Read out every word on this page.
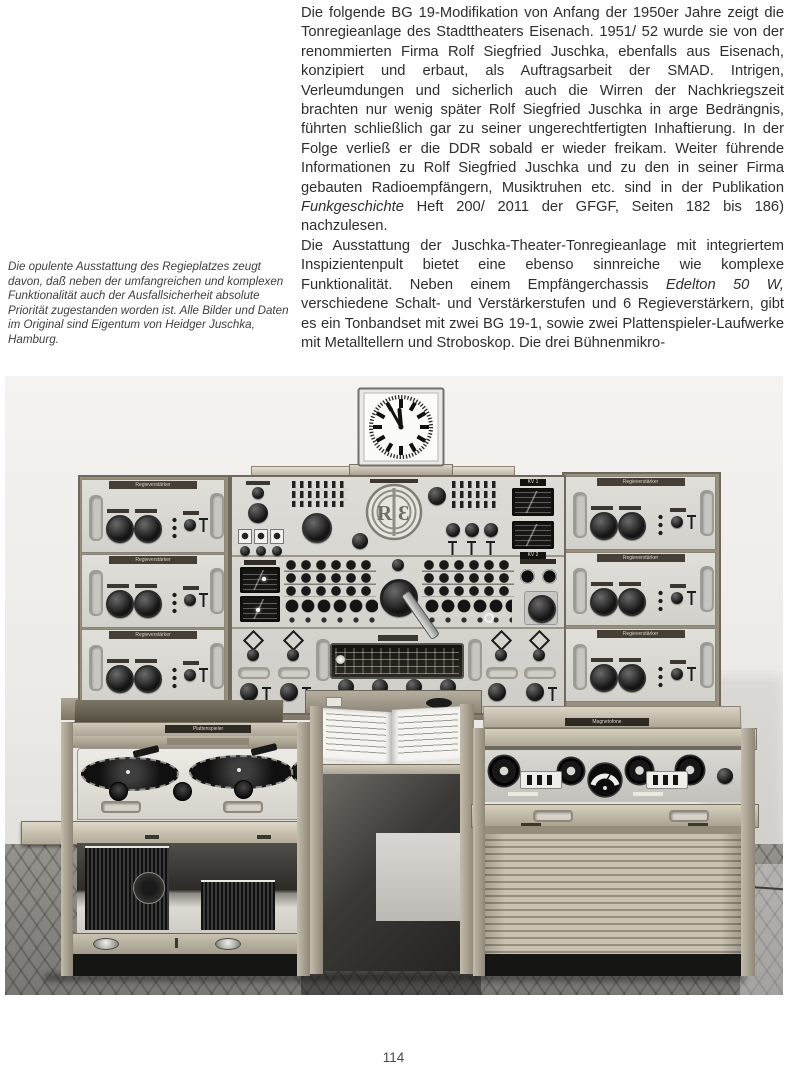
Die folgende BG 19-Modifikation von Anfang der 1950er Jahre zeigt die Tonregieanlage des Stadttheaters Eisenach. 1951/ 52 wurde sie von der renommierten Firma Rolf Siegfried Juschka, ebenfalls aus Eisenach, konzipiert und erbaut, als Auftragsarbeit der SMAD. Intrigen, Verleumdungen und sicherlich auch die Wirren der Nachkriegszeit brachten nur wenig später Rolf Siegfried Juschka in arge Bedrängnis, führten schließlich gar zu seiner ungerechtfertigten Inhaftierung. In der Folge verließ er die DDR sobald er wieder freikam. Weiter führende Informationen zu Rolf Siegfried Juschka und zu den in seiner Firma gebauten Radioempfängern, Musiktruhen etc. sind in der Publikation Funkgeschichte Heft 200/ 2011 der GFGF, Seiten 182 bis 186) nachzulesen.

Die Ausstattung der Juschka-Theater-Tonregieanlage mit integriertem Inspizientenpult bietet eine ebenso sinnreiche wie komplexe Funktionalität. Neben einem Empfängerchassis Edelton 50 W, verschiedene Schalt- und Verstärkerstufen und 6 Regieverstärkern, gibt es ein Tonbandset mit zwei BG 19-1, sowie zwei Plattenspieler-Laufwerke mit Metalltellern und Stroboskop. Die drei Bühnenmikro-

Die opulente Ausstattung des Regieplatzes zeugt davon, daß neben der umfangreichen und komplexen Funktionalität auch der Ausfallsicherheit absolute Priorität zugestanden worden ist. Alle Bilder und Daten im Original sind Eigentum von Heidger Juschka, Hamburg.
Regieverstärker
Regieverstärker
Regieverstärker
Regieverstärker
Regieverstärker
Regieverstärker
R Ɛ
KV 1
KV 2
Plattenspieler
Magnetofone
114
